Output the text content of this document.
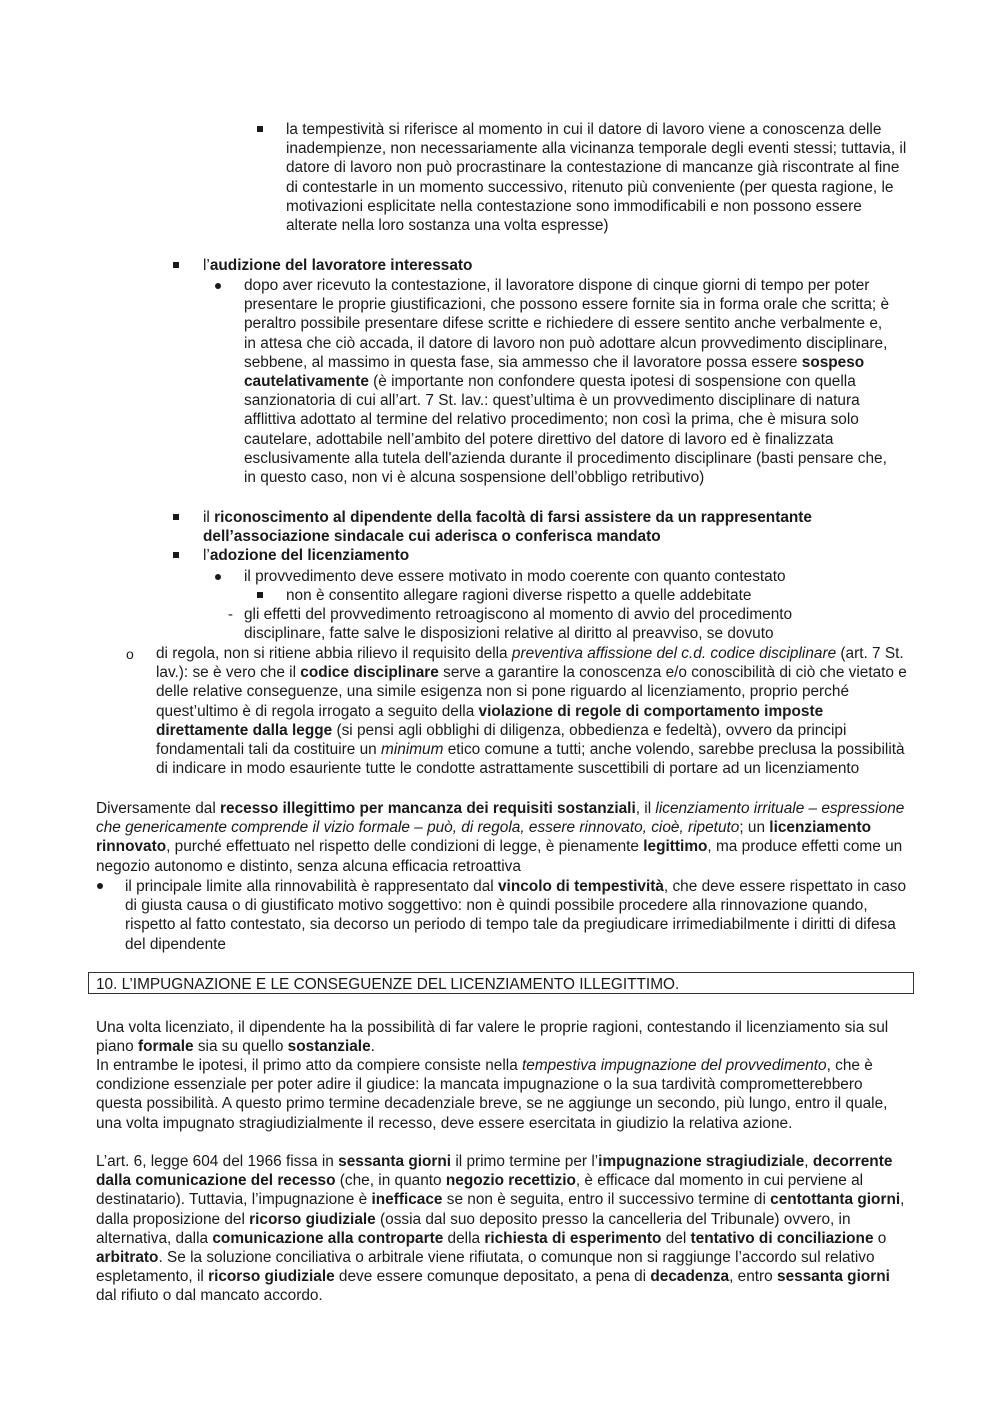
la tempestività si riferisce al momento in cui il datore di lavoro viene a conoscenza delle inadempienze, non necessariamente alla vicinanza temporale degli eventi stessi; tuttavia, il datore di lavoro non può procrastinare la contestazione di mancanze già riscontrate al fine di contestarle in un momento successivo, ritenuto più conveniente (per questa ragione, le motivazioni esplicitate nella contestazione sono immodificabili e non possono essere alterate nella loro sostanza una volta espresse)

l’audizione del lavoratore interessato

dopo aver ricevuto la contestazione, il lavoratore dispone di cinque giorni di tempo per poter presentare le proprie giustificazioni, che possono essere fornite sia in forma orale che scritta; è peraltro possibile presentare difese scritte e richiedere di essere sentito anche verbalmente e, in attesa che ciò accada, il datore di lavoro non può adottare alcun provvedimento disciplinare, sebbene, al massimo in questa fase, sia ammesso che il lavoratore possa essere sospeso cautelativamente (è importante non confondere questa ipotesi di sospensione con quella sanzionatoria di cui all’art. 7 St. lav.: quest’ultima è un provvedimento disciplinare di natura afflittiva adottato al termine del relativo procedimento; non così la prima, che è misura solo cautelare, adottabile nell’ambito del potere direttivo del datore di lavoro ed è finalizzata esclusivamente alla tutela dell'azienda durante il procedimento disciplinare (basti pensare che, in questo caso, non vi è alcuna sospensione dell’obbligo retributivo)

il riconoscimento al dipendente della facoltà di farsi assistere da un rappresentante dell’associazione sindacale cui aderisca o conferisca mandato

l’adozione del licenziamento

il provvedimento deve essere motivato in modo coerente con quanto contestato

non è consentito allegare ragioni diverse rispetto a quelle addebitate

- gli effetti del provvedimento retroagiscono al momento di avvio del procedimento disciplinare, fatte salve le disposizioni relative al diritto al preavviso, se dovuto

o di regola, non si ritiene abbia rilievo il requisito della preventiva affissione del c.d. codice disciplinare (art. 7 St. lav.): se è vero che il codice disciplinare serve a garantire la conoscenza e/o conoscibilità di ciò che vietato e delle relative conseguenze, una simile esigenza non si pone riguardo al licenziamento, proprio perché quest’ultimo è di regola irrogato a seguito della violazione di regole di comportamento imposte direttamente dalla legge (si pensi agli obblighi di diligenza, obbedienza e fedeltà), ovvero da principi fondamentali tali da costituire un minimum etico comune a tutti; anche volendo, sarebbe preclusa la possibilità di indicare in modo esauriente tutte le condotte astrattamente suscettibili di portare ad un licenziamento

Diversamente dal recesso illegittimo per mancanza dei requisiti sostanziali, il licenziamento irrituale – espressione che genericamente comprende il vizio formale – può, di regola, essere rinnovato, cioè, ripetuto; un licenziamento rinnovato, purché effettuato nel rispetto delle condizioni di legge, è pienamente legittimo, ma produce effetti come un negozio autonomo e distinto, senza alcuna efficacia retroattiva

il principale limite alla rinnovabilità è rappresentato dal vincolo di tempestività, che deve essere rispettato in caso di giusta causa o di giustificato motivo soggettivo: non è quindi possibile procedere alla rinnovazione quando, rispetto al fatto contestato, sia decorso un periodo di tempo tale da pregiudicare irrimediabilmente i diritti di difesa del dipendente

10. L’IMPUGNAZIONE E LE CONSEGUENZE DEL LICENZIAMENTO ILLEGITTIMO.

Una volta licenziato, il dipendente ha la possibilità di far valere le proprie ragioni, contestando il licenziamento sia sul piano formale sia su quello sostanziale.

In entrambe le ipotesi, il primo atto da compiere consiste nella tempestiva impugnazione del provvedimento, che è condizione essenziale per poter adire il giudice: la mancata impugnazione o la sua tardività comprometterebbero questa possibilità. A questo primo termine decadenziale breve, se ne aggiunge un secondo, più lungo, entro il quale, una volta impugnato stragiudizialmente il recesso, deve essere esercitata in giudizio la relativa azione.

L’art. 6, legge 604 del 1966 fissa in sessanta giorni il primo termine per l’impugnazione stragiudiziale, decorrente dalla comunicazione del recesso (che, in quanto negozio recettizio, è efficace dal momento in cui perviene al destinatario). Tuttavia, l’impugnazione è inefficace se non è seguita, entro il successivo termine di centottanta giorni, dalla proposizione del ricorso giudiziale (ossia dal suo deposito presso la cancelleria del Tribunale) ovvero, in alternativa, dalla comunicazione alla controparte della richiesta di esperimento del tentativo di conciliazione o arbitrato. Se la soluzione conciliativa o arbitrale viene rifiutata, o comunque non si raggiunge l’accordo sul relativo espletamento, il ricorso giudiziale deve essere comunque depositato, a pena di decadenza, entro sessanta giorni dal rifiuto o dal mancato accordo.
